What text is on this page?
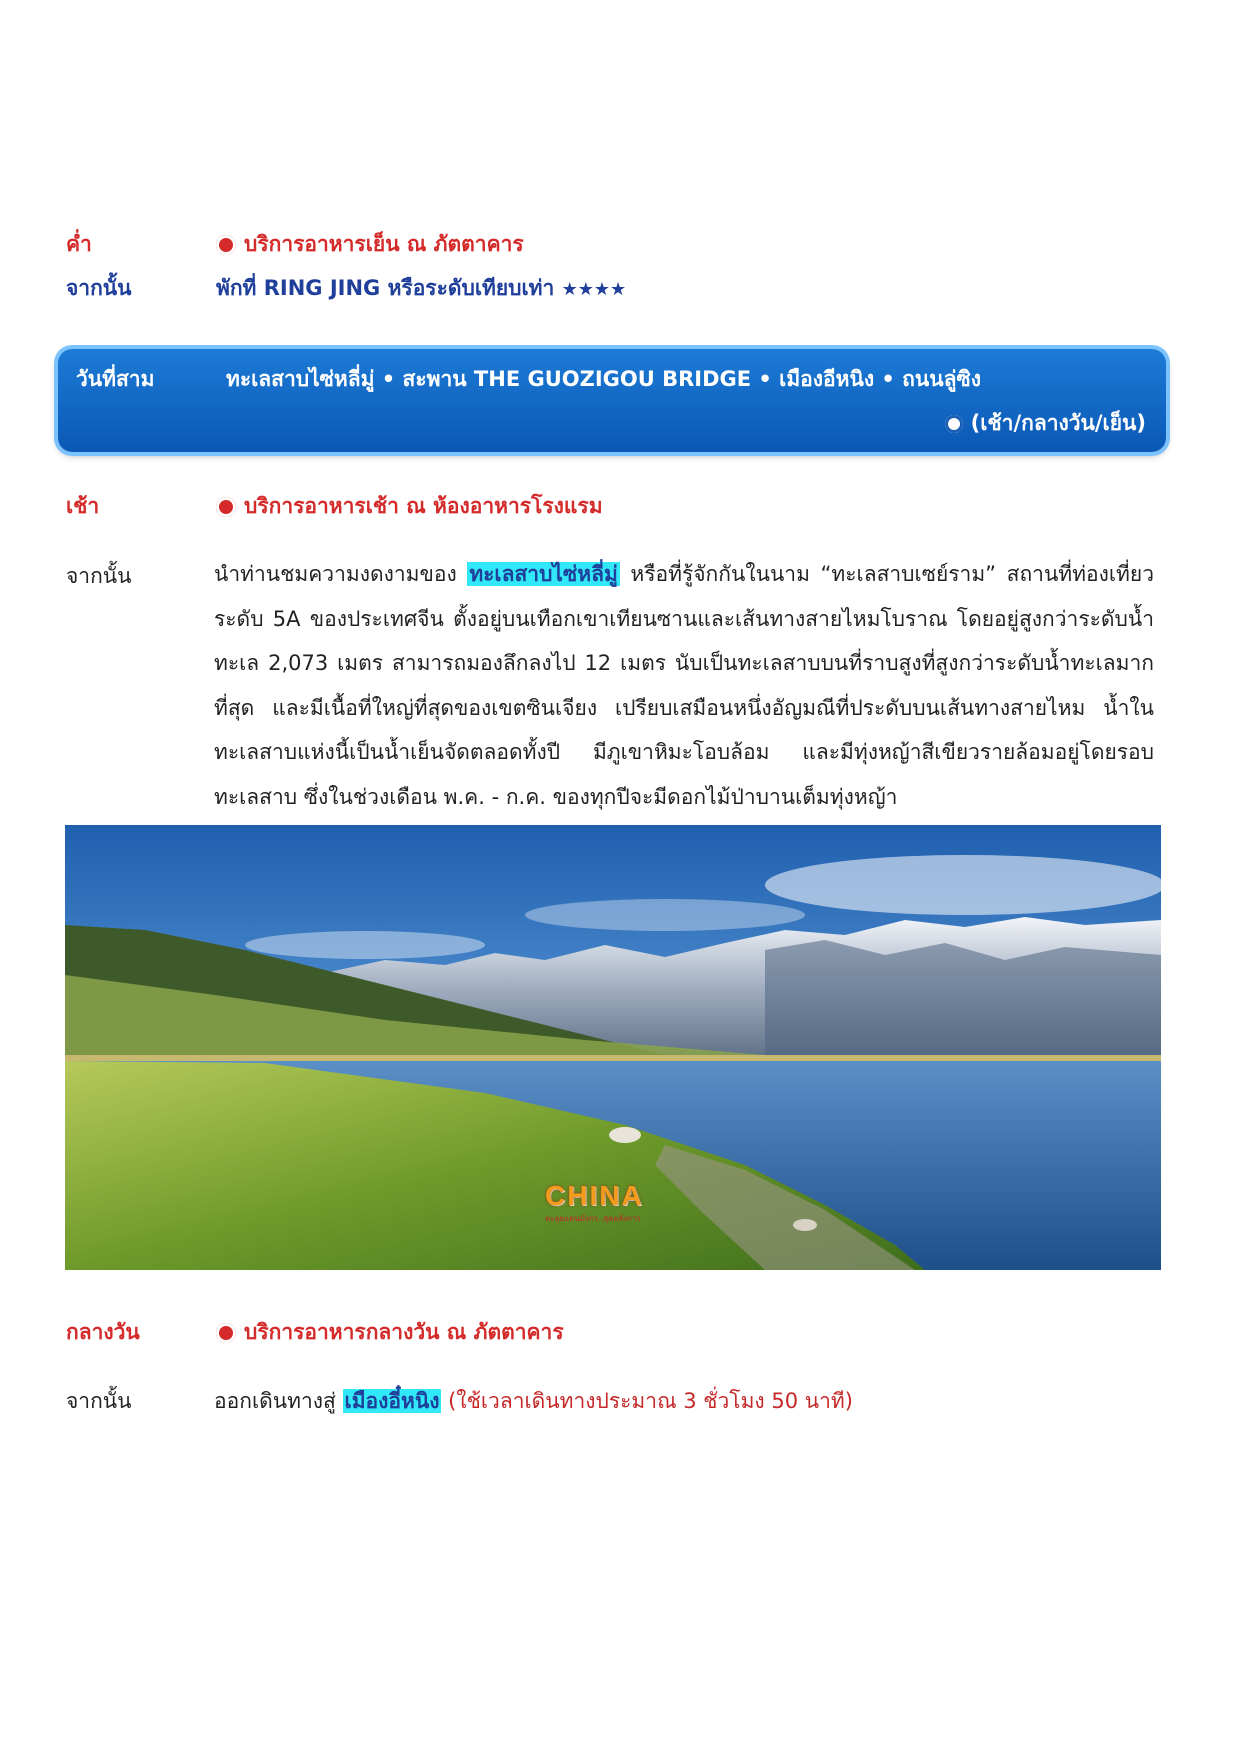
ค่ำ	บริการอาหารเย็น ณ ภัตตาคาร
จากนั้น	พักที่ RING JING หรือระดับเทียบเท่า ★★★★
วันที่สาม	ทะเลสาบไซ่หลี่มู่ • สะพาน THE GUOZIGOU BRIDGE • เมืองอีหนิง • ถนนลู่ซิง
(เช้า/กลางวัน/เย็น)
เช้า	บริการอาหารเช้า ณ ห้องอาหารโรงแรม
จากนั้น	นำท่านชมความงดงามของ ทะเลสาบไซ่หลี่มู่ หรือที่รู้จักกันในนาม “ทะเลสาบเซย์ราม” สถานที่ท่องเที่ยวระดับ 5A ของประเทศจีน ตั้งอยู่บนเทือกเขาเทียนซานและเส้นทางสายไหมโบราณ โดยอยู่สูงกว่าระดับน้ำทะเล 2,073 เมตร สามารถมองลึกลงไป 12 เมตร นับเป็นทะเลสาบบนที่ราบสูงที่สูงกว่าระดับน้ำทะเลมากที่สุด และมีเนื้อที่ใหญ่ที่สุดของเขตซินเจียง เปรียบเสมือนหนึ่งอัญมณีที่ประดับบนเส้นทางสายไหม น้ำในทะเลสาบแห่งนี้เป็นน้ำเย็นจัดตลอดทั้งปี มีภูเขาหิมะโอบล้อม และมีทุ่งหญ้าสีเขียวรายล้อมอยู่โดยรอบทะเลสาบ ซึ่งในช่วงเดือน พ.ค. - ก.ค. ของทุกปีจะมีดอกไม้ป่าบานเต็มทุ่งหญ้า
CHINA
ตะลุยแดนมังกร..สุดอลังการ
กลางวัน	บริการอาหารกลางวัน ณ ภัตตาคาร
จากนั้น	ออกเดินทางสู่ เมืองอี๋หนิง (ใช้เวลาเดินทางประมาณ 3 ชั่วโมง 50 นาที)
